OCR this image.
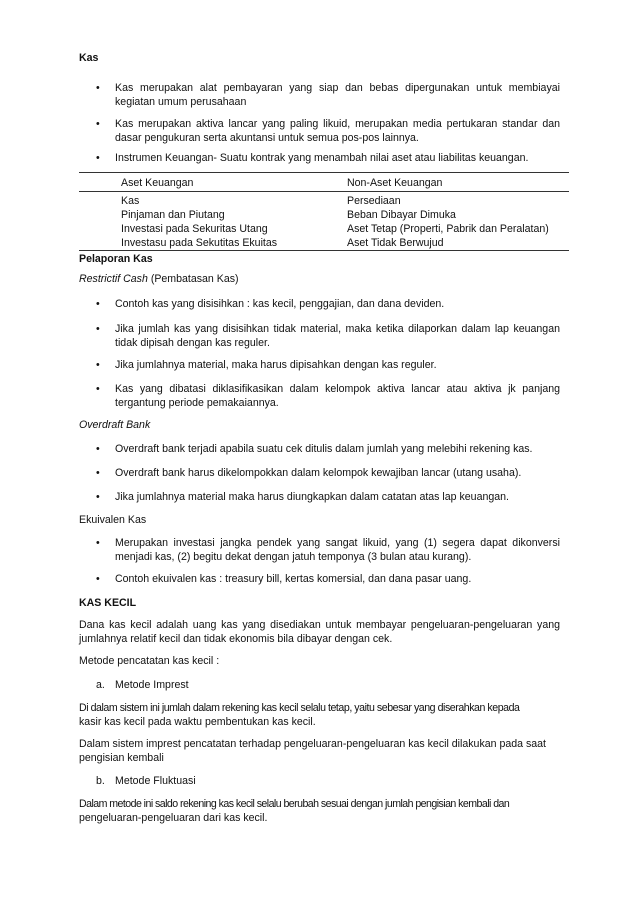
Kas
• Kas merupakan alat pembayaran yang siap dan bebas dipergunakan untuk membiayai
kegiatan umum perusahaan
• Kas merupakan aktiva lancar yang paling likuid, merupakan media pertukaran standar dan
dasar pengukuran serta akuntansi untuk semua pos-pos lainnya.
• Instrumen Keuangan- Suatu kontrak yang menambah nilai aset atau liabilitas keuangan.
Aset Keuangan	Non-Aset Keuangan
Kas
Pinjaman dan Piutang
Investasi pada Sekuritas Utang
Investasu pada Sekutitas Ekuitas
Persediaan
Beban Dibayar Dimuka
Aset Tetap (Properti, Pabrik dan Peralatan)
Aset Tidak Berwujud
Pelaporan Kas
Restrictif Cash (Pembatasan Kas)
• Contoh kas yang disisihkan : kas kecil, penggajian, dan dana deviden.
• Jika jumlah kas yang disisihkan tidak material, maka ketika dilaporkan dalam lap keuangan
tidak dipisah dengan kas reguler.
• Jika jumlahnya material, maka harus dipisahkan dengan kas reguler.
• Kas yang dibatasi diklasifikasikan dalam kelompok aktiva lancar atau aktiva jk panjang
tergantung periode pemakaiannya.
Overdraft Bank
• Overdraft bank terjadi apabila suatu cek ditulis dalam jumlah yang melebihi rekening kas.
• Overdraft bank harus dikelompokkan dalam kelompok kewajiban lancar (utang usaha).
• Jika jumlahnya material maka harus diungkapkan dalam catatan atas lap keuangan.
Ekuivalen Kas
• Merupakan investasi jangka pendek yang sangat likuid, yang (1) segera dapat dikonversi
menjadi kas, (2) begitu dekat dengan jatuh temponya (3 bulan atau kurang).
• Contoh ekuivalen kas : treasury bill, kertas komersial, dan dana pasar uang.
KAS KECIL
Dana kas kecil adalah uang kas yang disediakan untuk membayar pengeluaran-pengeluaran yang
jumlahnya relatif kecil dan tidak ekonomis bila dibayar dengan cek.
Metode pencatatan kas kecil :
a. Metode Imprest
Di dalam sistem ini jumlah dalam rekening kas kecil selalu tetap, yaitu sebesar yang diserahkan kepada
kasir kas kecil pada waktu pembentukan kas kecil.
Dalam sistem imprest pencatatan terhadap pengeluaran-pengeluaran kas kecil dilakukan pada saat
pengisian kembali
b. Metode Fluktuasi
Dalam metode ini saldo rekening kas kecil selalu berubah sesuai dengan jumlah pengisian kembali dan
pengeluaran-pengeluaran dari kas kecil.
